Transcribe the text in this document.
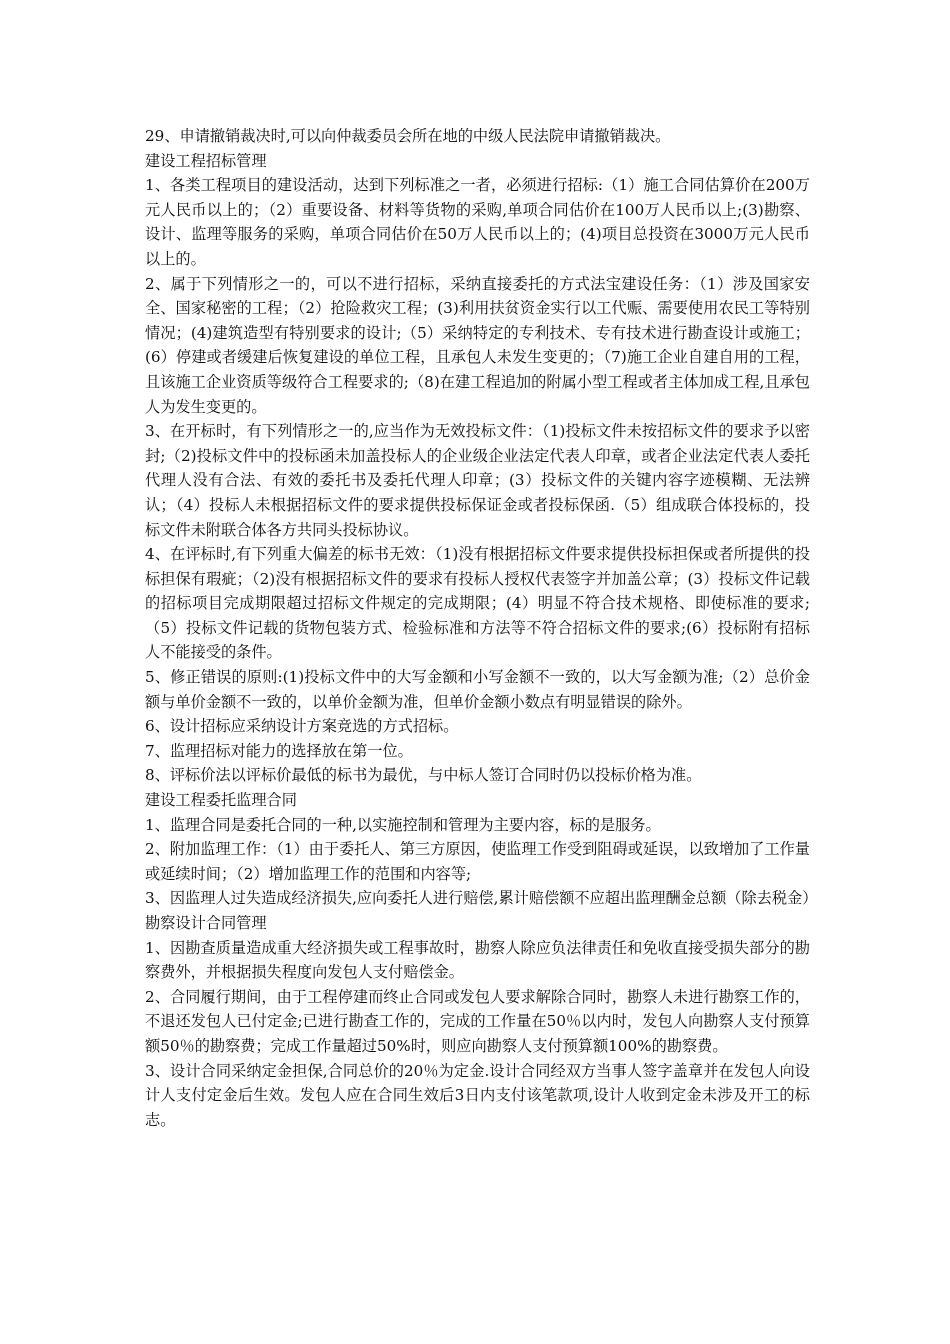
29、申请撤销裁决时,可以向仲裁委员会所在地的中级人民法院申请撤销裁决。

建设工程招标管理

1、各类工程项目的建设活动，达到下列标准之一者，必须进行招标:（1）施工合同估算价在200万元人民币以上的；（2）重要设备、材料等货物的采购,单项合同估价在100万人民币以上;(3)勘察、设计、监理等服务的采购，单项合同估价在50万人民币以上的；(4)项目总投资在3000万元人民币以上的。

2、属于下列情形之一的，可以不进行招标，采纳直接委托的方式法宝建设任务：（1）涉及国家安全、国家秘密的工程；（2）抢险救灾工程；(3)利用扶贫资金实行以工代赈、需要使用农民工等特别情况；(4)建筑造型有特别要求的设计;（5）采纳特定的专利技术、专有技术进行勘查设计或施工；(6）停建或者缓建后恢复建设的单位工程，且承包人未发生变更的；（7)施工企业自建自用的工程，且该施工企业资质等级符合工程要求的;（8)在建工程追加的附属小型工程或者主体加成工程,且承包人为发生变更的。

3、在开标时，有下列情形之一的,应当作为无效投标文件：（1)投标文件未按招标文件的要求予以密封;（2)投标文件中的投标函未加盖投标人的企业级企业法定代表人印章，或者企业法定代表人委托代理人没有合法、有效的委托书及委托代理人印章；(3）投标文件的关键内容字迹模糊、无法辨认；（4）投标人未根据招标文件的要求提供投标保证金或者投标保函.（5）组成联合体投标的，投标文件未附联合体各方共同头投标协议。

4、在评标时,有下列重大偏差的标书无效：（1)没有根据招标文件要求提供投标担保或者所提供的投标担保有瑕疵；（2)没有根据招标文件的要求有投标人授权代表签字并加盖公章；(3）投标文件记载的招标项目完成期限超过招标文件规定的完成期限；(4）明显不符合技术规格、即使标准的要求;（5）投标文件记载的货物包装方式、检验标准和方法等不符合招标文件的要求;(6）投标附有招标人不能接受的条件。

5、修正错误的原则:(1)投标文件中的大写金额和小写金额不一致的，以大写金额为准;（2）总价金额与单价金额不一致的，以单价金额为准，但单价金额小数点有明显错误的除外。

6、设计招标应采纳设计方案竞选的方式招标。

7、监理招标对能力的选择放在第一位。

8、评标价法以评标价最低的标书为最优，与中标人签订合同时仍以投标价格为准。

建设工程委托监理合同

1、监理合同是委托合同的一种,以实施控制和管理为主要内容，标的是服务。

2、附加监理工作：（1）由于委托人、第三方原因，使监理工作受到阻碍或延误，以致增加了工作量或延续时间；（2）增加监理工作的范围和内容等;

3、因监理人过失造成经济损失,应向委托人进行赔偿,累计赔偿额不应超出监理酬金总额（除去税金）

勘察设计合同管理

1、因勘查质量造成重大经济损失或工程事故时，勘察人除应负法律责任和免收直接受损失部分的勘察费外，并根据损失程度向发包人支付赔偿金。

2、合同履行期间，由于工程停建而终止合同或发包人要求解除合同时，勘察人未进行勘察工作的，不退还发包人已付定金;已进行勘查工作的，完成的工作量在50％以内时，发包人向勘察人支付预算额50％的勘察费；完成工作量超过50%时，则应向勘察人支付预算额100%的勘察费。

3、设计合同采纳定金担保,合同总价的20％为定金.设计合同经双方当事人签字盖章并在发包人向设计人支付定金后生效。发包人应在合同生效后3日内支付该笔款项,设计人收到定金未涉及开工的标志。
